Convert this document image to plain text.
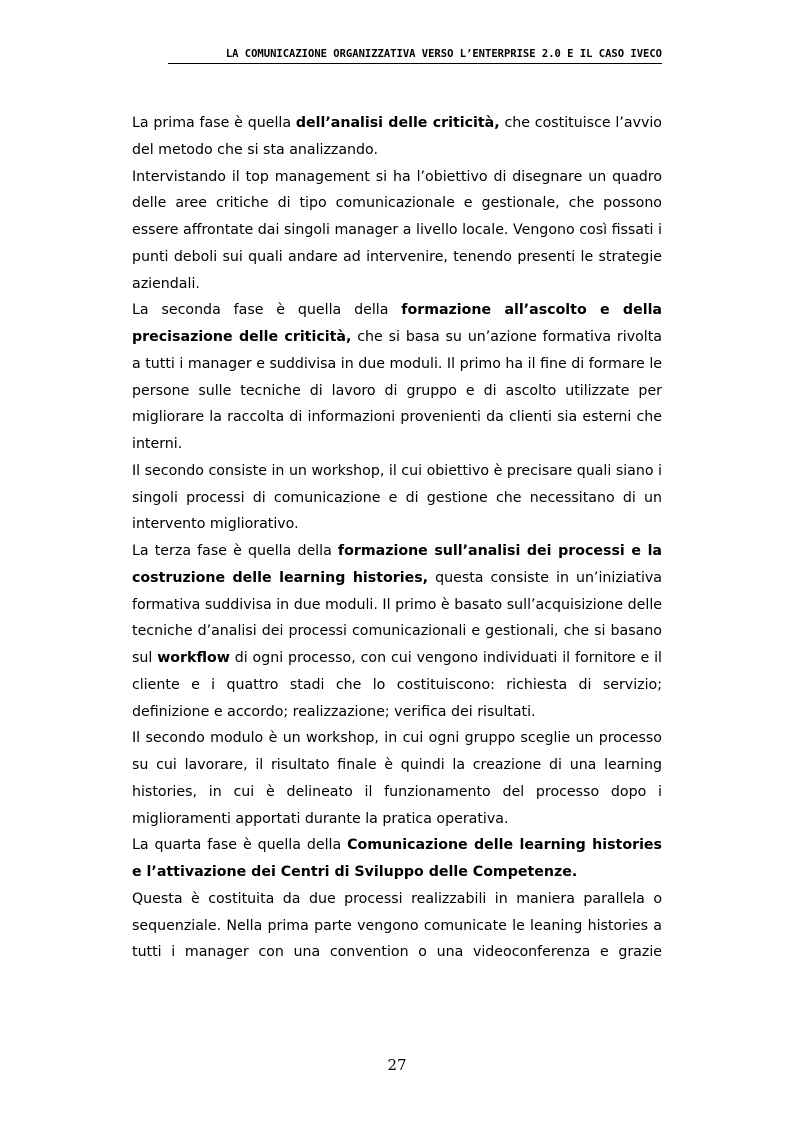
LA COMUNICAZIONE ORGANIZZATIVA VERSO L’ENTERPRISE 2.0 E IL CASO IVECO

La prima fase è quella dell’analisi delle criticità, che costituisce l’avvio del metodo che si sta analizzando.

Intervistando il top management si ha l’obiettivo di disegnare un quadro delle aree critiche di tipo comunicazionale e gestionale, che possono essere affrontate dai singoli manager a livello locale. Vengono così fissati i punti deboli sui quali andare ad intervenire, tenendo presenti le strategie aziendali.

La seconda fase è quella della formazione all’ascolto e della precisazione delle criticità, che si basa su un’azione formativa rivolta a tutti i manager e suddivisa in due moduli. Il primo ha il fine di formare le persone sulle tecniche di lavoro di gruppo e di ascolto utilizzate per migliorare la raccolta di informazioni provenienti da clienti sia esterni che interni.

Il secondo consiste in un workshop, il cui obiettivo è precisare quali siano i singoli processi di comunicazione e di gestione che necessitano di un intervento migliorativo.

La terza fase è quella della formazione sull’analisi dei processi e la costruzione delle learning histories, questa consiste in un’iniziativa formativa suddivisa in due moduli. Il primo è basato sull’acquisizione delle tecniche d’analisi dei processi comunicazionali e gestionali, che si basano sul workflow di ogni processo, con cui vengono individuati il fornitore e il cliente e i quattro stadi che lo costituiscono: richiesta di servizio; definizione e accordo; realizzazione; verifica dei risultati.

Il secondo modulo è un workshop, in cui ogni gruppo sceglie un processo su cui lavorare, il risultato finale è quindi la creazione di una learning histories, in cui è delineato il funzionamento del processo dopo i miglioramenti apportati durante la pratica operativa.

La quarta fase è quella della Comunicazione delle learning histories e l’attivazione dei Centri di Sviluppo delle Competenze.

Questa è costituita da due processi realizzabili in maniera parallela o sequenziale. Nella prima parte vengono comunicate le leaning histories a tutti i manager con una convention o una videoconferenza e grazie

27
